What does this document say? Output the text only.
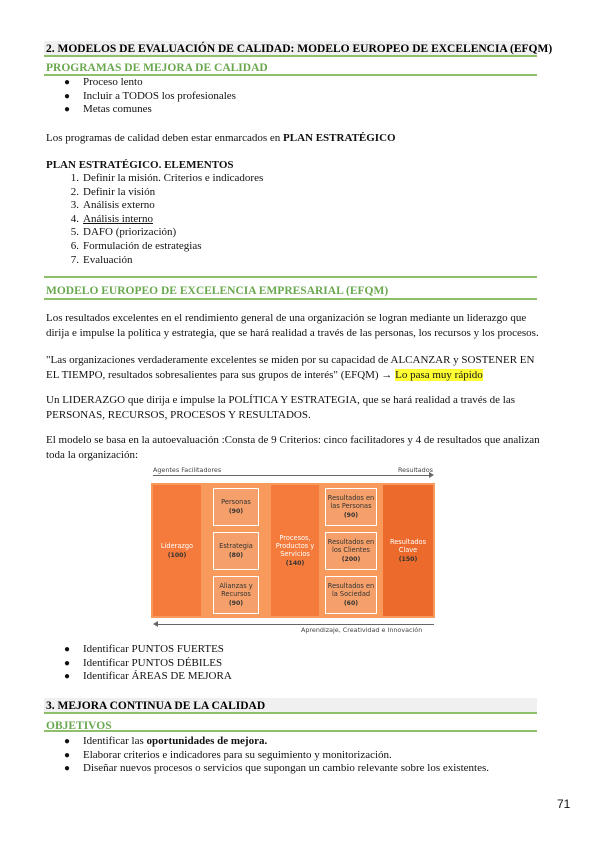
2. MODELOS DE EVALUACIÓN DE CALIDAD: MODELO EUROPEO DE EXCELENCIA (EFQM)
PROGRAMAS DE MEJORA DE CALIDAD
● Proceso lento
● Incluir a TODOS los profesionales
● Metas comunes
Los programas de calidad deben estar enmarcados en PLAN ESTRATÉGICO
PLAN ESTRATÉGICO. ELEMENTOS
1. Definir la misión. Criterios e indicadores
2. Definir la visión
3. Análisis externo
4. Análisis interno
5. DAFO (priorización)
6. Formulación de estrategias
7. Evaluación
MODELO EUROPEO DE EXCELENCIA EMPRESARIAL (EFQM)
Los resultados excelentes en el rendimiento general de una organización se logran mediante un liderazgo que dirija e impulse la política y estrategia, que se hará realidad a través de las personas, los recursos y los procesos.
"Las organizaciones verdaderamente excelentes se miden por su capacidad de ALCANZAR y SOSTENER EN EL TIEMPO, resultados sobresalientes para sus grupos de interés" (EFQM) → Lo pasa muy rápido
Un LIDERAZGO que dirija e impulse la POLÍTICA Y ESTRATEGIA, que se hará realidad a través de las PERSONAS, RECURSOS, PROCESOS Y RESULTADOS.
El modelo se basa en la autoevaluación :Consta de 9 Criterios: cinco facilitadores y 4 de resultados que analizan toda la organización:
Agentes Facilitadores	Resultados
Liderazgo
(100)
Personas
(90)
Estrategia
(80)
Alianzas y Recursos
(90)
Procesos, Productos y Servicios
(140)
Resultados en las Personas
(90)
Resultados en los Clientes
(200)
Resultados en la Sociedad
(60)
Resultados Clave
(150)
Aprendizaje, Creatividad e Innovación
● Identificar PUNTOS FUERTES
● Identificar PUNTOS DÉBILES
● Identificar ÁREAS DE MEJORA
3. MEJORA CONTINUA DE LA CALIDAD
OBJETIVOS
● Identificar las oportunidades de mejora.
● Elaborar criterios e indicadores para su seguimiento y monitorización.
● Diseñar nuevos procesos o servicios que supongan un cambio relevante sobre los existentes.
71
